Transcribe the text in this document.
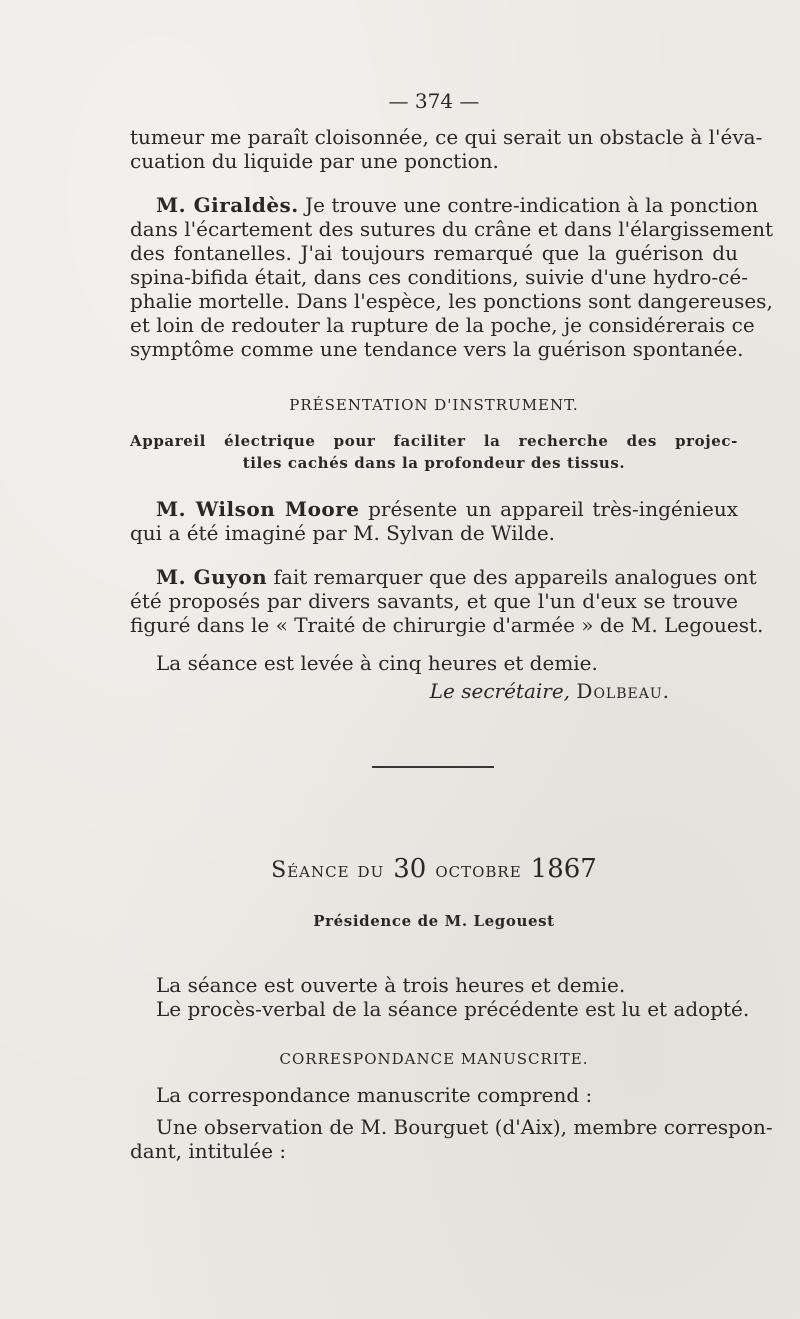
— 374 —
tumeur me paraît cloisonnée, ce qui serait un obstacle à l'éva-
cuation du liquide par une ponction.
M. Giraldès. Je trouve une contre-indication à la ponction
dans l'écartement des sutures du crâne et dans l'élargissement
des fontanelles. J'ai toujours remarqué que la guérison du
spina-bifida était, dans ces conditions, suivie d'une hydro-cé-
phalie mortelle. Dans l'espèce, les ponctions sont dangereuses,
et loin de redouter la rupture de la poche, je considérerais ce
symptôme comme une tendance vers la guérison spontanée.
PRÉSENTATION D'INSTRUMENT.
Appareil électrique pour faciliter la recherche des projec-
tiles cachés dans la profondeur des tissus.
M. Wilson Moore présente un appareil très-ingénieux
qui a été imaginé par M. Sylvan de Wilde.
M. Guyon fait remarquer que des appareils analogues ont
été proposés par divers savants, et que l'un d'eux se trouve
figuré dans le « Traité de chirurgie d'armée » de M. Legouest.
La séance est levée à cinq heures et demie.
Le secrétaire, Dolbeau.
Séance du 30 octobre 1867
Présidence de M. Legouest
La séance est ouverte à trois heures et demie.
Le procès-verbal de la séance précédente est lu et adopté.
CORRESPONDANCE MANUSCRITE.
La correspondance manuscrite comprend :
Une observation de M. Bourguet (d'Aix), membre correspon-
dant, intitulée :
